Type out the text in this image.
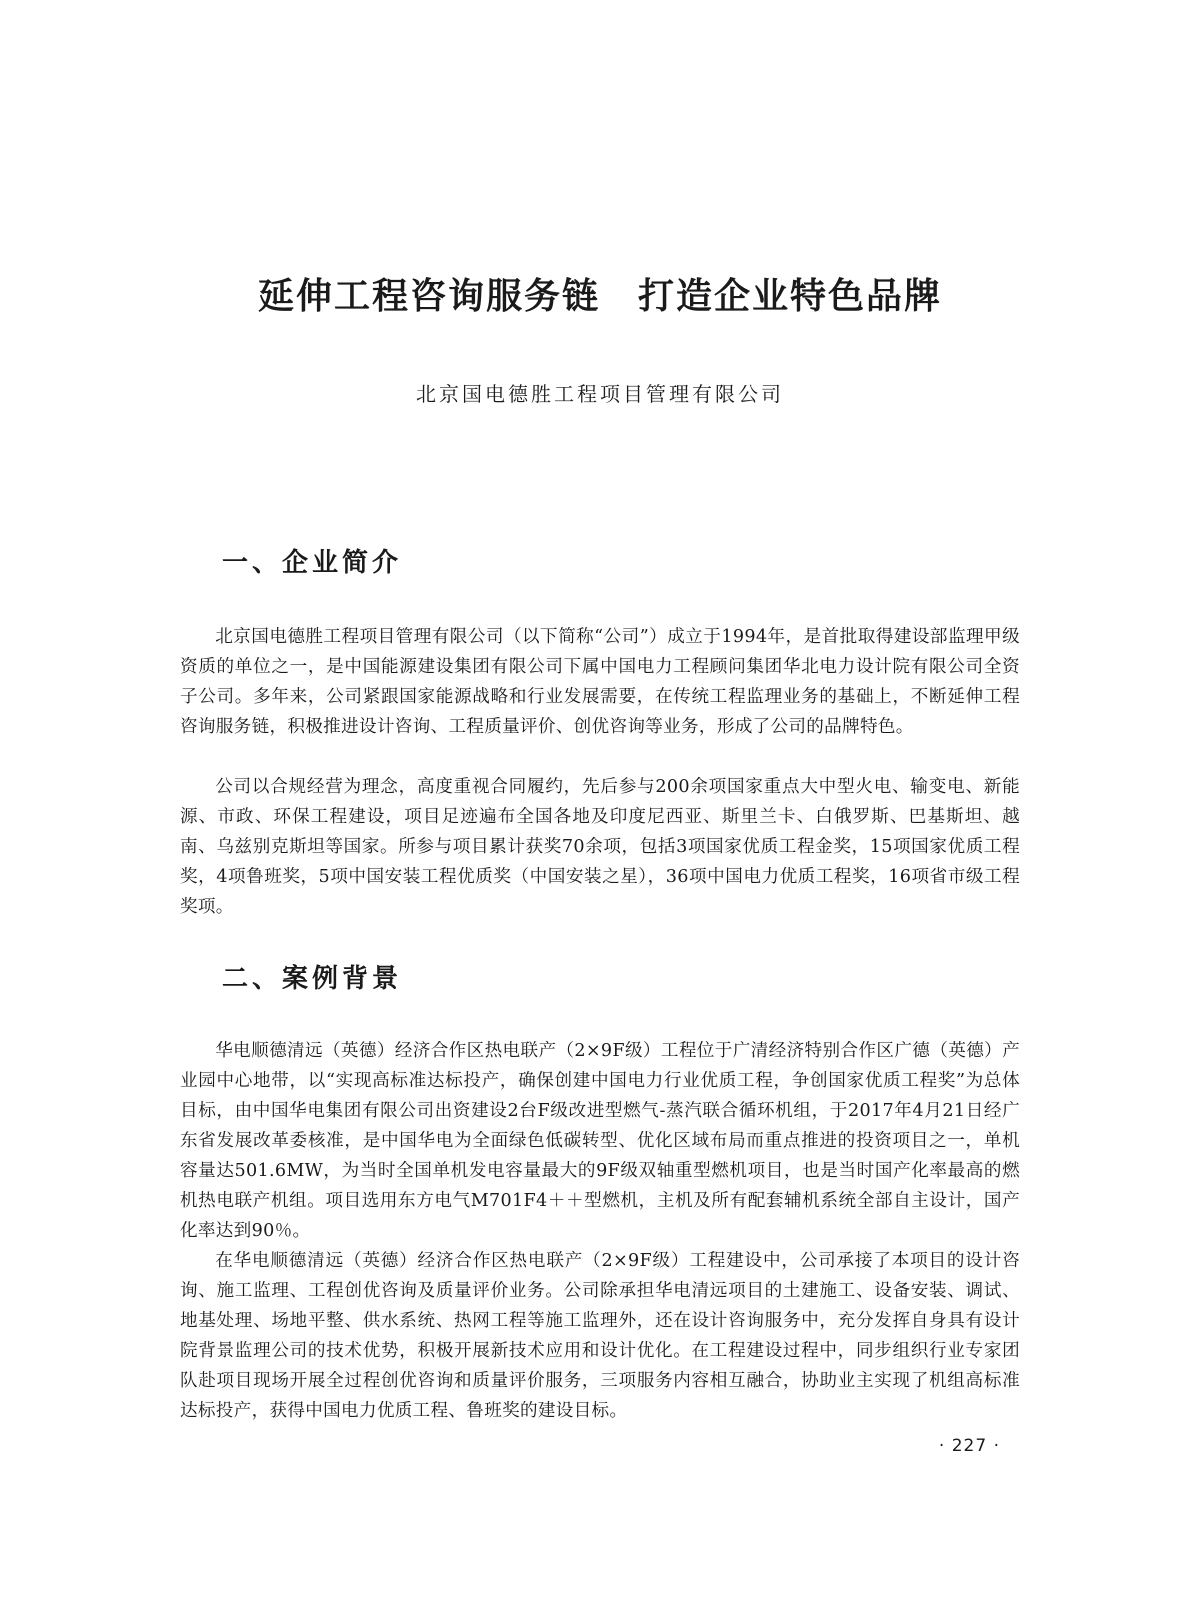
延伸工程咨询服务链　打造企业特色品牌
北京国电德胜工程项目管理有限公司
一、企业简介

北京国电德胜工程项目管理有限公司（以下简称“公司”）成立于1994年，是首批取得建设部监理甲级资质的单位之一，是中国能源建设集团有限公司下属中国电力工程顾问集团华北电力设计院有限公司全资子公司。多年来，公司紧跟国家能源战略和行业发展需要，在传统工程监理业务的基础上，不断延伸工程咨询服务链，积极推进设计咨询、工程质量评价、创优咨询等业务，形成了公司的品牌特色。

公司以合规经营为理念，高度重视合同履约，先后参与200余项国家重点大中型火电、输变电、新能源、市政、环保工程建设，项目足迹遍布全国各地及印度尼西亚、斯里兰卡、白俄罗斯、巴基斯坦、越南、乌兹别克斯坦等国家。所参与项目累计获奖70余项，包括3项国家优质工程金奖，15项国家优质工程奖，4项鲁班奖，5项中国安装工程优质奖（中国安装之星），36项中国电力优质工程奖，16项省市级工程奖项。

二、案例背景

华电顺德清远（英德）经济合作区热电联产（2×9F级）工程位于广清经济特别合作区广德（英德）产业园中心地带，以“实现高标准达标投产，确保创建中国电力行业优质工程，争创国家优质工程奖”为总体目标，由中国华电集团有限公司出资建设2台F级改进型燃气-蒸汽联合循环机组，于2017年4月21日经广东省发展改革委核准，是中国华电为全面绿色低碳转型、优化区域布局而重点推进的投资项目之一，单机容量达501.6MW，为当时全国单机发电容量最大的9F级双轴重型燃机项目，也是当时国产化率最高的燃机热电联产机组。项目选用东方电气M701F4＋＋型燃机，主机及所有配套辅机系统全部自主设计，国产化率达到90％。

在华电顺德清远（英德）经济合作区热电联产（2×9F级）工程建设中，公司承接了本项目的设计咨询、施工监理、工程创优咨询及质量评价业务。公司除承担华电清远项目的土建施工、设备安装、调试、地基处理、场地平整、供水系统、热网工程等施工监理外，还在设计咨询服务中，充分发挥自身具有设计院背景监理公司的技术优势，积极开展新技术应用和设计优化。在工程建设过程中，同步组织行业专家团队赴项目现场开展全过程创优咨询和质量评价服务，三项服务内容相互融合，协助业主实现了机组高标准达标投产，获得中国电力优质工程、鲁班奖的建设目标。

· 227 ·
